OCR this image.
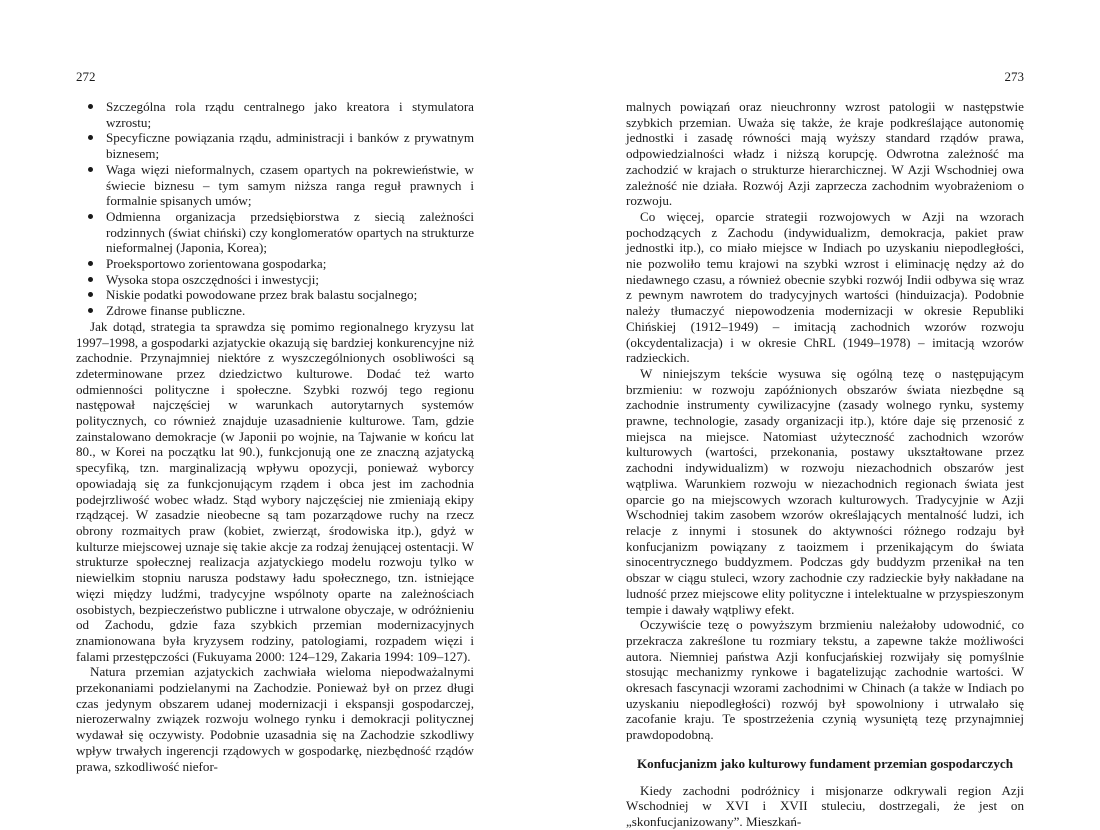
272
Szczególna rola rządu centralnego jako kreatora i stymulatora wzrostu;
Specyficzne powiązania rządu, administracji i banków z prywatnym biznesem;
Waga więzi nieformalnych, czasem opartych na pokrewieństwie, w świecie biznesu – tym samym niższa ranga reguł prawnych i formalnie spisanych umów;
Odmienna organizacja przedsiębiorstwa z siecią zależności rodzinnych (świat chiński) czy konglomeratów opartych na strukturze nieformalnej (Japonia, Korea);
Proeksportowo zorientowana gospodarka;
Wysoka stopa oszczędności i inwestycji;
Niskie podatki powodowane przez brak balastu socjalnego;
Zdrowe finanse publiczne.

Jak dotąd, strategia ta sprawdza się pomimo regionalnego kryzysu lat 1997–1998, a gospodarki azjatyckie okazują się bardziej konkurencyjne niż zachodnie. Przynajmniej niektóre z wyszczególnionych osobliwości są zdeterminowane przez dziedzictwo kulturowe. Dodać też warto odmienności polityczne i społeczne. Szybki rozwój tego regionu następował najczęściej w warunkach autorytarnych systemów politycznych, co również znajduje uzasadnienie kulturowe. Tam, gdzie zainstalowano demokracje (w Japonii po wojnie, na Tajwanie w końcu lat 80., w Korei na początku lat 90.), funkcjonują one ze znaczną azjatycką specyfiką, tzn. marginalizacją wpływu opozycji, ponieważ wyborcy opowiadają się za funkcjonującym rządem i obca jest im zachodnia podejrzliwość wobec władz. Stąd wybory najczęściej nie zmieniają ekipy rządzącej. W zasadzie nieobecne są tam pozarządowe ruchy na rzecz obrony rozmaitych praw (kobiet, zwierząt, środowiska itp.), gdyż w kulturze miejscowej uznaje się takie akcje za rodzaj żenującej ostentacji. W strukturze społecznej realizacja azjatyckiego modelu rozwoju tylko w niewielkim stopniu narusza podstawy ładu społecznego, tzn. istniejące więzi między ludźmi, tradycyjne wspólnoty oparte na zależnościach osobistych, bezpieczeństwo publiczne i utrwalone obyczaje, w odróżnieniu od Zachodu, gdzie faza szybkich przemian modernizacyjnych znamionowana była kryzysem rodziny, patologiami, rozpadem więzi i falami przestępczości (Fukuyama 2000: 124–129, Zakaria 1994: 109–127).

Natura przemian azjatyckich zachwiała wieloma niepodważalnymi przekonaniami podzielanymi na Zachodzie. Ponieważ był on przez długi czas jedynym obszarem udanej modernizacji i ekspansji gospodarczej, nierozerwalny związek rozwoju wolnego rynku i demokracji politycznej wydawał się oczywisty. Podobnie uzasadnia się na Zachodzie szkodliwy wpływ trwałych ingerencji rządowych w gospodarkę, niezbędność rządów prawa, szkodliwość niefor-

273

malnych powiązań oraz nieuchronny wzrost patologii w następstwie szybkich przemian. Uważa się także, że kraje podkreślające autonomię jednostki i zasadę równości mają wyższy standard rządów prawa, odpowiedzialności władz i niższą korupcję. Odwrotna zależność ma zachodzić w krajach o strukturze hierarchicznej. W Azji Wschodniej owa zależność nie działa. Rozwój Azji zaprzecza zachodnim wyobrażeniom o rozwoju.

Co więcej, oparcie strategii rozwojowych w Azji na wzorach pochodzących z Zachodu (indywidualizm, demokracja, pakiet praw jednostki itp.), co miało miejsce w Indiach po uzyskaniu niepodległości, nie pozwoliło temu krajowi na szybki wzrost i eliminację nędzy aż do niedawnego czasu, a również obecnie szybki rozwój Indii odbywa się wraz z pewnym nawrotem do tradycyjnych wartości (hinduizacja). Podobnie należy tłumaczyć niepowodzenia modernizacji w okresie Republiki Chińskiej (1912–1949) – imitacją zachodnich wzorów rozwoju (okcydentalizacja) i w okresie ChRL (1949–1978) – imitacją wzorów radzieckich.

W niniejszym tekście wysuwa się ogólną tezę o następującym brzmieniu: w rozwoju zapóźnionych obszarów świata niezbędne są zachodnie instrumenty cywilizacyjne (zasady wolnego rynku, systemy prawne, technologie, zasady organizacji itp.), które daje się przenosić z miejsca na miejsce. Natomiast użyteczność zachodnich wzorów kulturowych (wartości, przekonania, postawy ukształtowane przez zachodni indywidualizm) w rozwoju niezachodnich obszarów jest wątpliwa. Warunkiem rozwoju w niezachodnich regionach świata jest oparcie go na miejscowych wzorach kulturowych. Tradycyjnie w Azji Wschodniej takim zasobem wzorów określających mentalność ludzi, ich relacje z innymi i stosunek do aktywności różnego rodzaju był konfucjanizm powiązany z taoizmem i przenikającym do świata sinocentrycznego buddyzmem. Podczas gdy buddyzm przenikał na ten obszar w ciągu stuleci, wzory zachodnie czy radzieckie były nakładane na ludność przez miejscowe elity polityczne i intelektualne w przyspieszonym tempie i dawały wątpliwy efekt.

Oczywiście tezę o powyższym brzmieniu należałoby udowodnić, co przekracza zakreślone tu rozmiary tekstu, a zapewne także możliwości autora. Niemniej państwa Azji konfucjańskiej rozwijały się pomyślnie stosując mechanizmy rynkowe i bagatelizując zachodnie wartości. W okresach fascynacji wzorami zachodnimi w Chinach (a także w Indiach po uzyskaniu niepodległości) rozwój był spowolniony i utrwalało się zacofanie kraju. Te spostrzeżenia czynią wysuniętą tezę przynajmniej prawdopodobną.

Konfucjanizm jako kulturowy fundament przemian gospodarczych

Kiedy zachodni podróżnicy i misjonarze odkrywali region Azji Wschodniej w XVI i XVII stuleciu, dostrzegali, że jest on „skonfucjanizowany”. Mieszkań-
